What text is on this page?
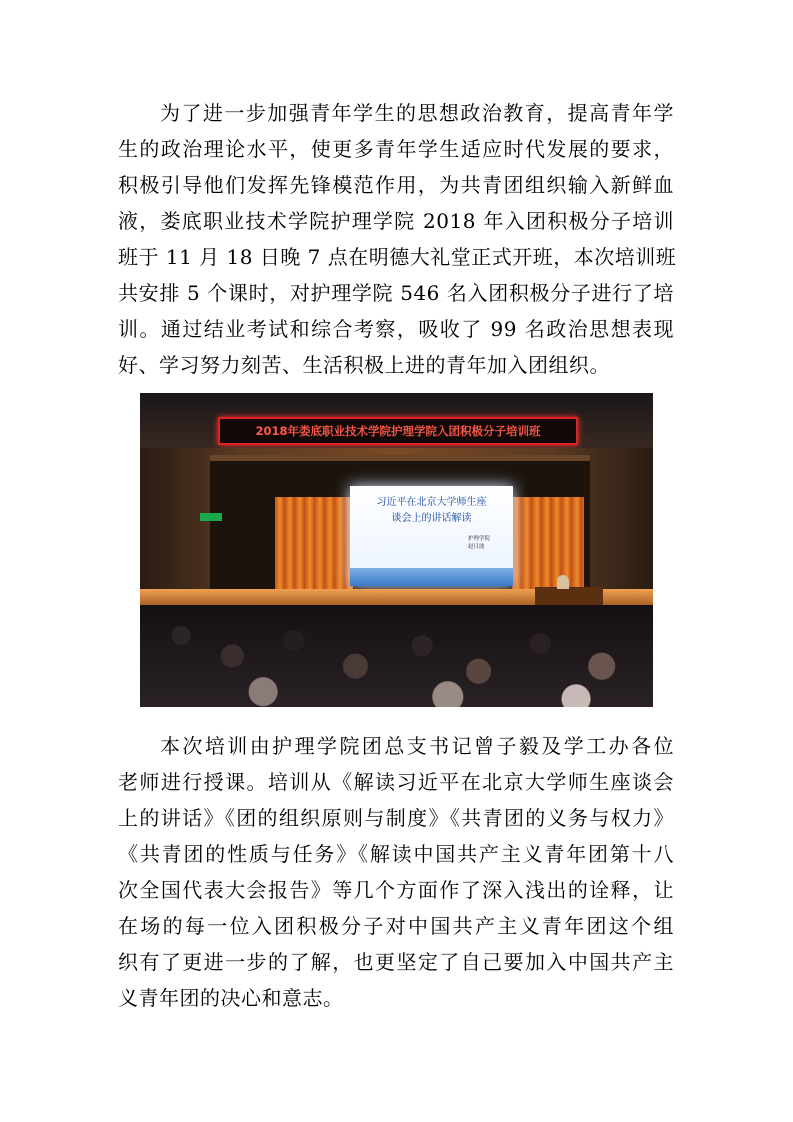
为了进一步加强青年学生的思想政治教育，提高青年学
生的政治理论水平，使更多青年学生适应时代发展的要求，
积极引导他们发挥先锋模范作用，为共青团组织输入新鲜血
液，娄底职业技术学院护理学院 2018 年入团积极分子培训
班于 11 月 18 日晚 7 点在明德大礼堂正式开班，本次培训班
共安排 5 个课时，对护理学院 546 名入团积极分子进行了培
训。通过结业考试和综合考察，吸收了 99 名政治思想表现
好、学习努力刻苦、生活积极上进的青年加入团组织。
2018年娄底职业技术学院护理学院入团积极分子培训班
习近平在北京大学师生座
谈会上的讲话解读
护理学院
赵日波
本次培训由护理学院团总支书记曾子毅及学工办各位
老师进行授课。培训从《解读习近平在北京大学师生座谈会
上的讲话》《团的组织原则与制度》《共青团的义务与权力》
《共青团的性质与任务》《解读中国共产主义青年团第十八
次全国代表大会报告》等几个方面作了深入浅出的诠释，让
在场的每一位入团积极分子对中国共产主义青年团这个组
织有了更进一步的了解，也更坚定了自己要加入中国共产主
义青年团的决心和意志。
